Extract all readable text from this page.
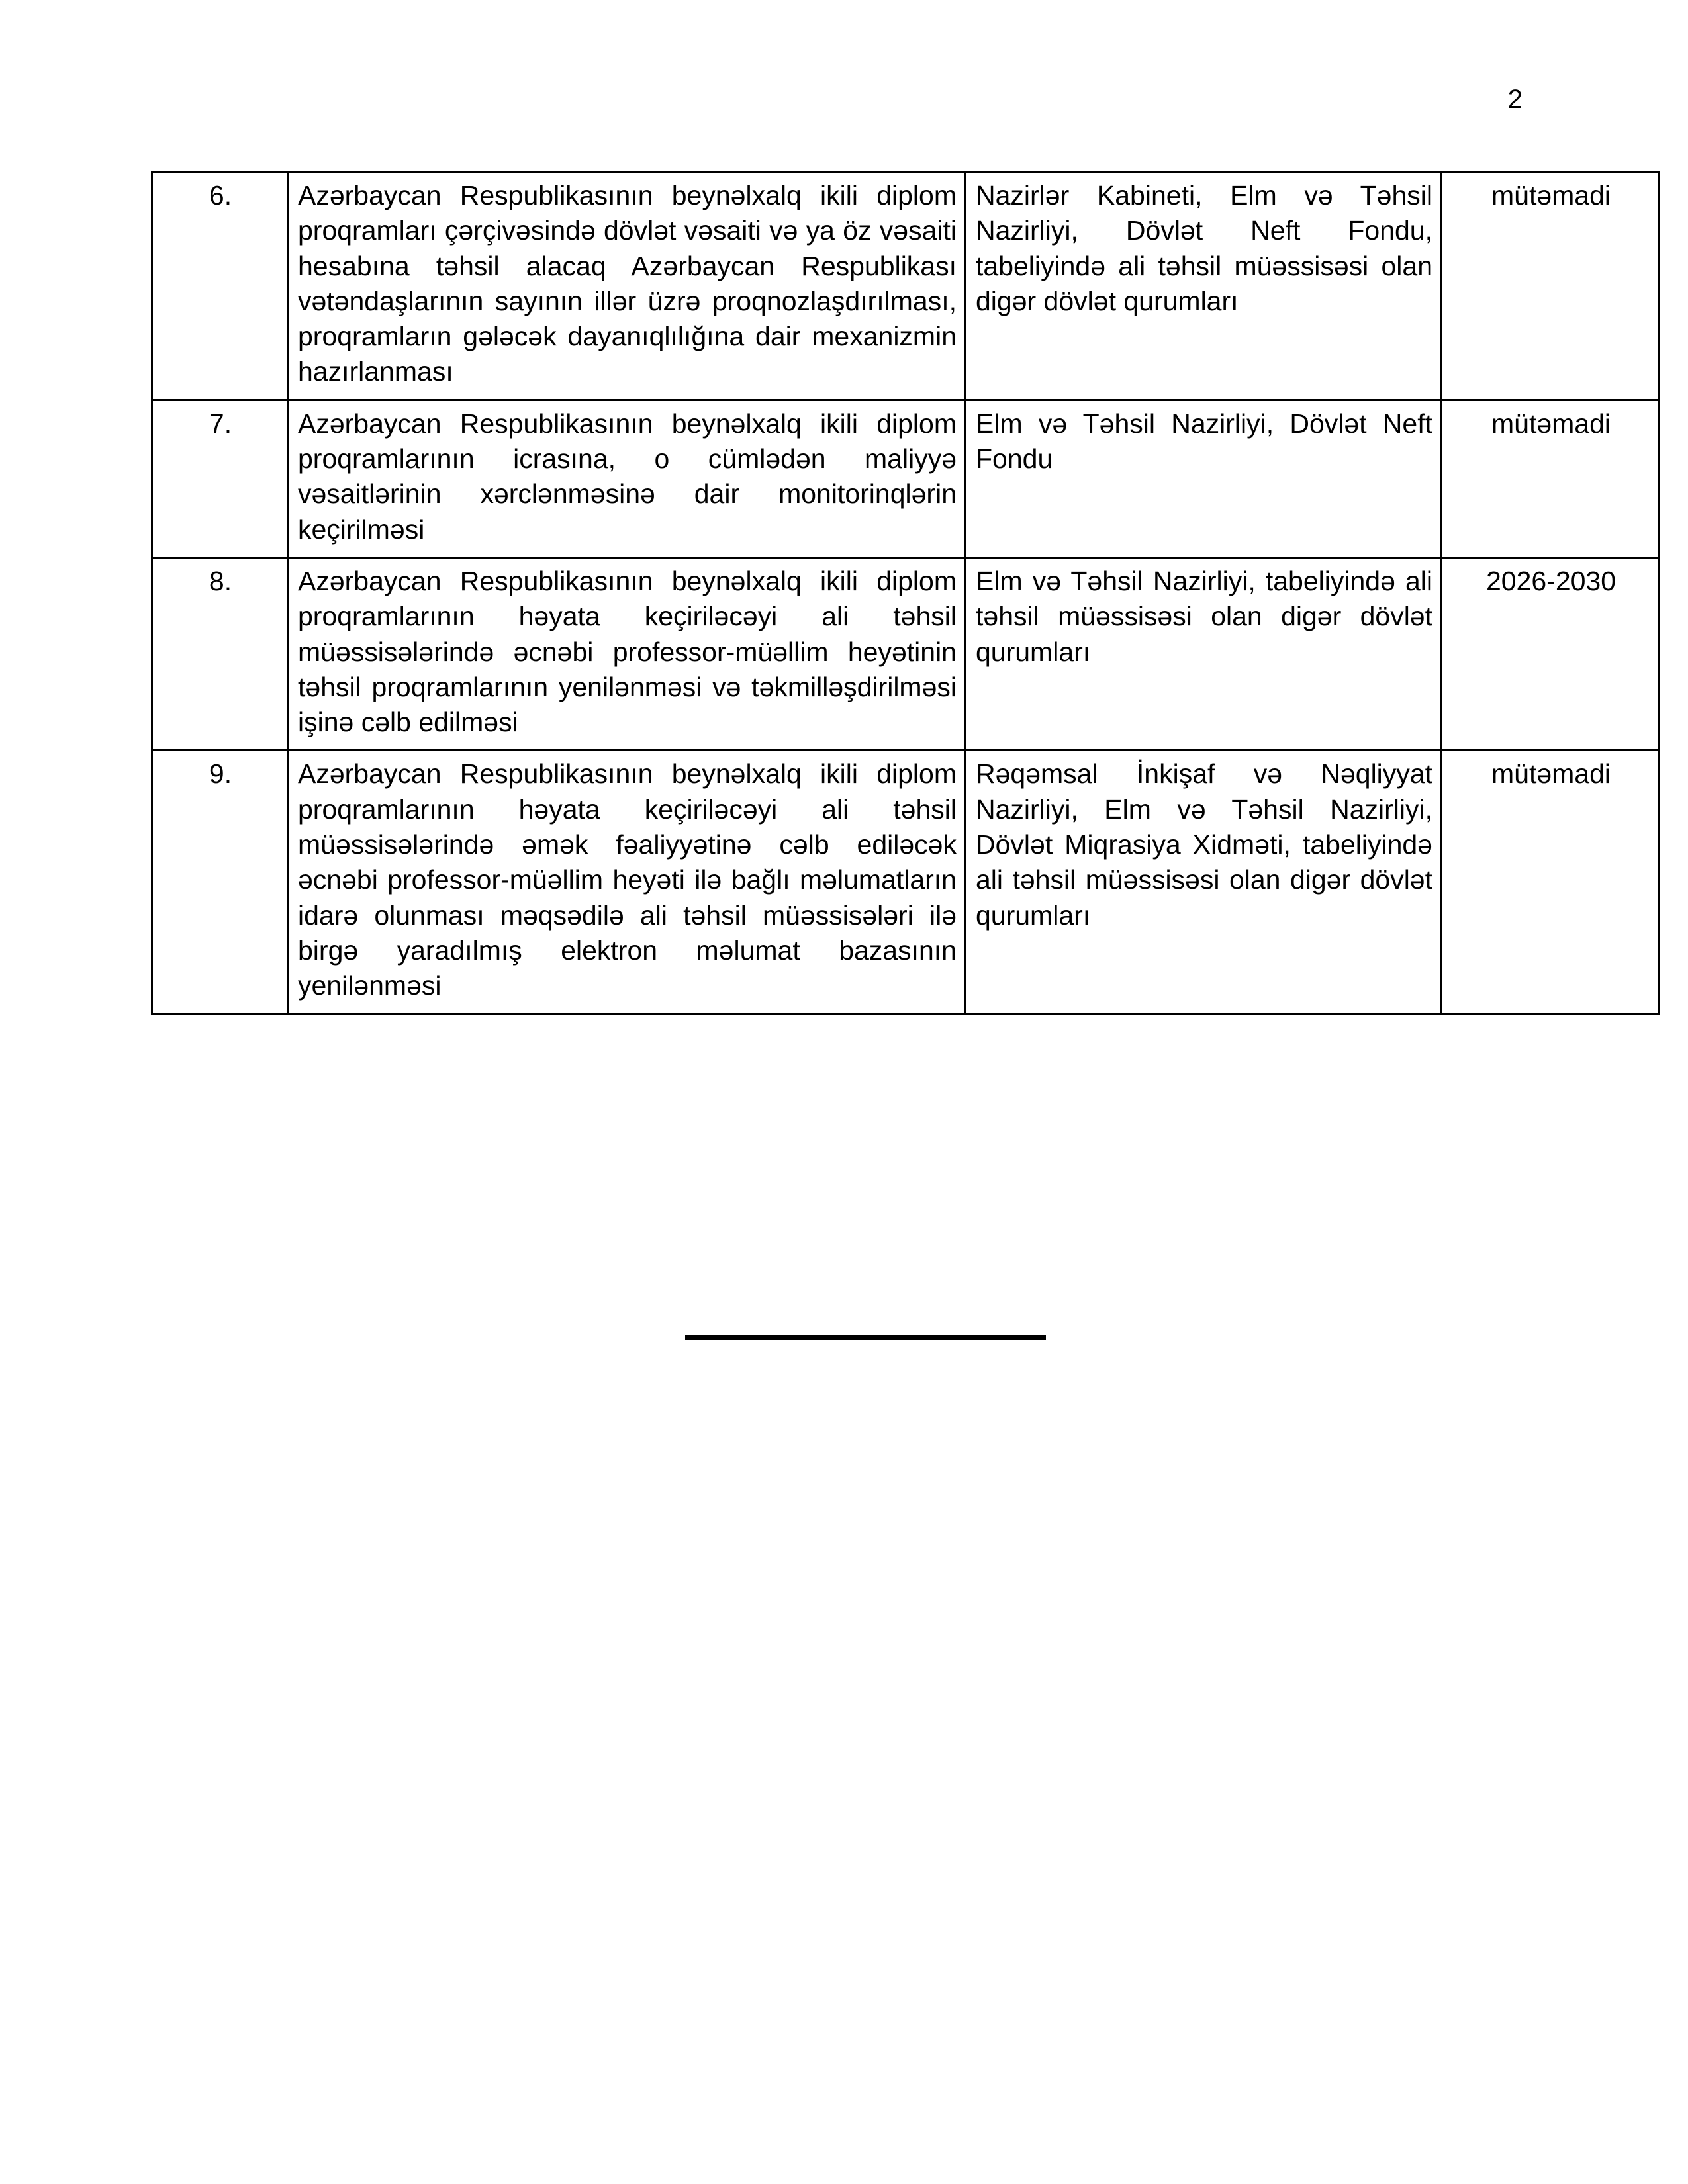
2
6.	Azərbaycan Respublikasının beynəlxalq ikili diplom proqramları çərçivəsində dövlət vəsaiti və ya öz vəsaiti hesabına təhsil alacaq Azərbaycan Respublikası vətəndaşlarının sayının illər üzrə proqnozlaşdırılması, proqramların gələcək dayanıqlılığına dair mexanizmin hazırlanması	Nazirlər Kabineti, Elm və Təhsil Nazirliyi, Dövlət Neft Fondu, tabeliyində ali təhsil müəssisəsi olan digər dövlət qurumları	mütəmadi

7.	Azərbaycan Respublikasının beynəlxalq ikili diplom proqramlarının icrasına, o cümlədən maliyyə vəsaitlərinin xərclənməsinə dair monitorinqlərin keçirilməsi	Elm və Təhsil Nazirliyi, Dövlət Neft Fondu	mütəmadi

8.	Azərbaycan Respublikasının beynəlxalq ikili diplom proqramlarının həyata keçiriləcəyi ali təhsil müəssisələrində əcnəbi professor-müəllim heyətinin təhsil proqramlarının yenilənməsi və təkmilləşdirilməsi işinə cəlb edilməsi	Elm və Təhsil Nazirliyi, tabeliyində ali təhsil müəssisəsi olan digər dövlət qurumları	2026-2030

9.	Azərbaycan Respublikasının beynəlxalq ikili diplom proqramlarının həyata keçiriləcəyi ali təhsil müəssisələrində əmək fəaliyyətinə cəlb ediləcək əcnəbi professor-müəllim heyəti ilə bağlı məlumatların idarə olunması məqsədilə ali təhsil müəssisələri ilə birgə yaradılmış elektron məlumat bazasının yenilənməsi	Rəqəmsal İnkişaf və Nəqliyyat Nazirliyi, Elm və Təhsil Nazirliyi, Dövlət Miqrasiya Xidməti, tabeliyində ali təhsil müəssisəsi olan digər dövlət qurumları	mütəmadi
